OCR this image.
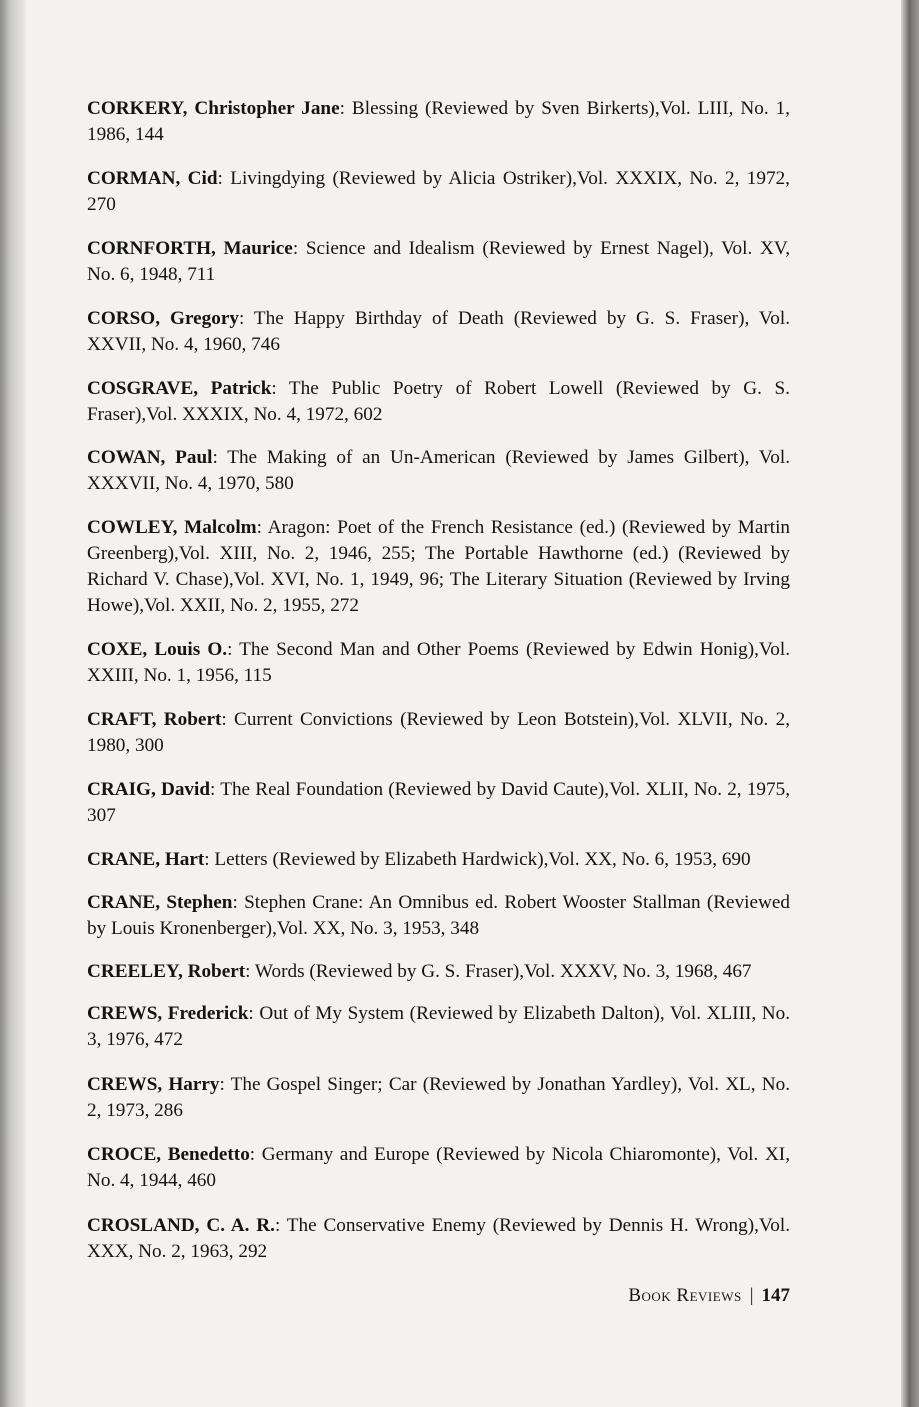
CORKERY, Christopher Jane: Blessing (Reviewed by Sven Birkerts),Vol. LIII, No. 1, 1986, 144
CORMAN, Cid: Livingdying (Reviewed by Alicia Ostriker),Vol. XXXIX, No. 2, 1972, 270
CORNFORTH, Maurice: Science and Idealism (Reviewed by Ernest Nagel), Vol. XV, No. 6, 1948, 711
CORSO, Gregory: The Happy Birthday of Death (Reviewed by G. S. Fraser), Vol. XXVII, No. 4, 1960, 746
COSGRAVE, Patrick: The Public Poetry of Robert Lowell (Reviewed by G. S. Fraser),Vol. XXXIX, No. 4, 1972, 602
COWAN, Paul: The Making of an Un-American (Reviewed by James Gilbert), Vol. XXXVII, No. 4, 1970, 580
COWLEY, Malcolm: Aragon: Poet of the French Resistance (ed.) (Reviewed by Martin Greenberg),Vol. XIII, No. 2, 1946, 255; The Portable Hawthorne (ed.) (Reviewed by Richard V. Chase),Vol. XVI, No. 1, 1949, 96; The Literary Situation (Reviewed by Irving Howe),Vol. XXII, No. 2, 1955, 272
COXE, Louis O.: The Second Man and Other Poems (Reviewed by Edwin Honig),Vol. XXIII, No. 1, 1956, 115
CRAFT, Robert: Current Convictions (Reviewed by Leon Botstein),Vol. XLVII, No. 2, 1980, 300
CRAIG, David: The Real Foundation (Reviewed by David Caute),Vol. XLII, No. 2, 1975, 307
CRANE, Hart: Letters (Reviewed by Elizabeth Hardwick),Vol. XX, No. 6, 1953, 690
CRANE, Stephen: Stephen Crane: An Omnibus ed. Robert Wooster Stallman (Reviewed by Louis Kronenberger),Vol. XX, No. 3, 1953, 348
CREELEY, Robert: Words (Reviewed by G. S. Fraser),Vol. XXXV, No. 3, 1968, 467
CREWS, Frederick: Out of My System (Reviewed by Elizabeth Dalton), Vol. XLIII, No. 3, 1976, 472
CREWS, Harry: The Gospel Singer; Car (Reviewed by Jonathan Yardley), Vol. XL, No. 2, 1973, 286
CROCE, Benedetto: Germany and Europe (Reviewed by Nicola Chiaromonte), Vol. XI, No. 4, 1944, 460
CROSLAND, C. A. R.: The Conservative Enemy (Reviewed by Dennis H. Wrong),Vol. XXX, No. 2, 1963, 292
Book Reviews | 147
